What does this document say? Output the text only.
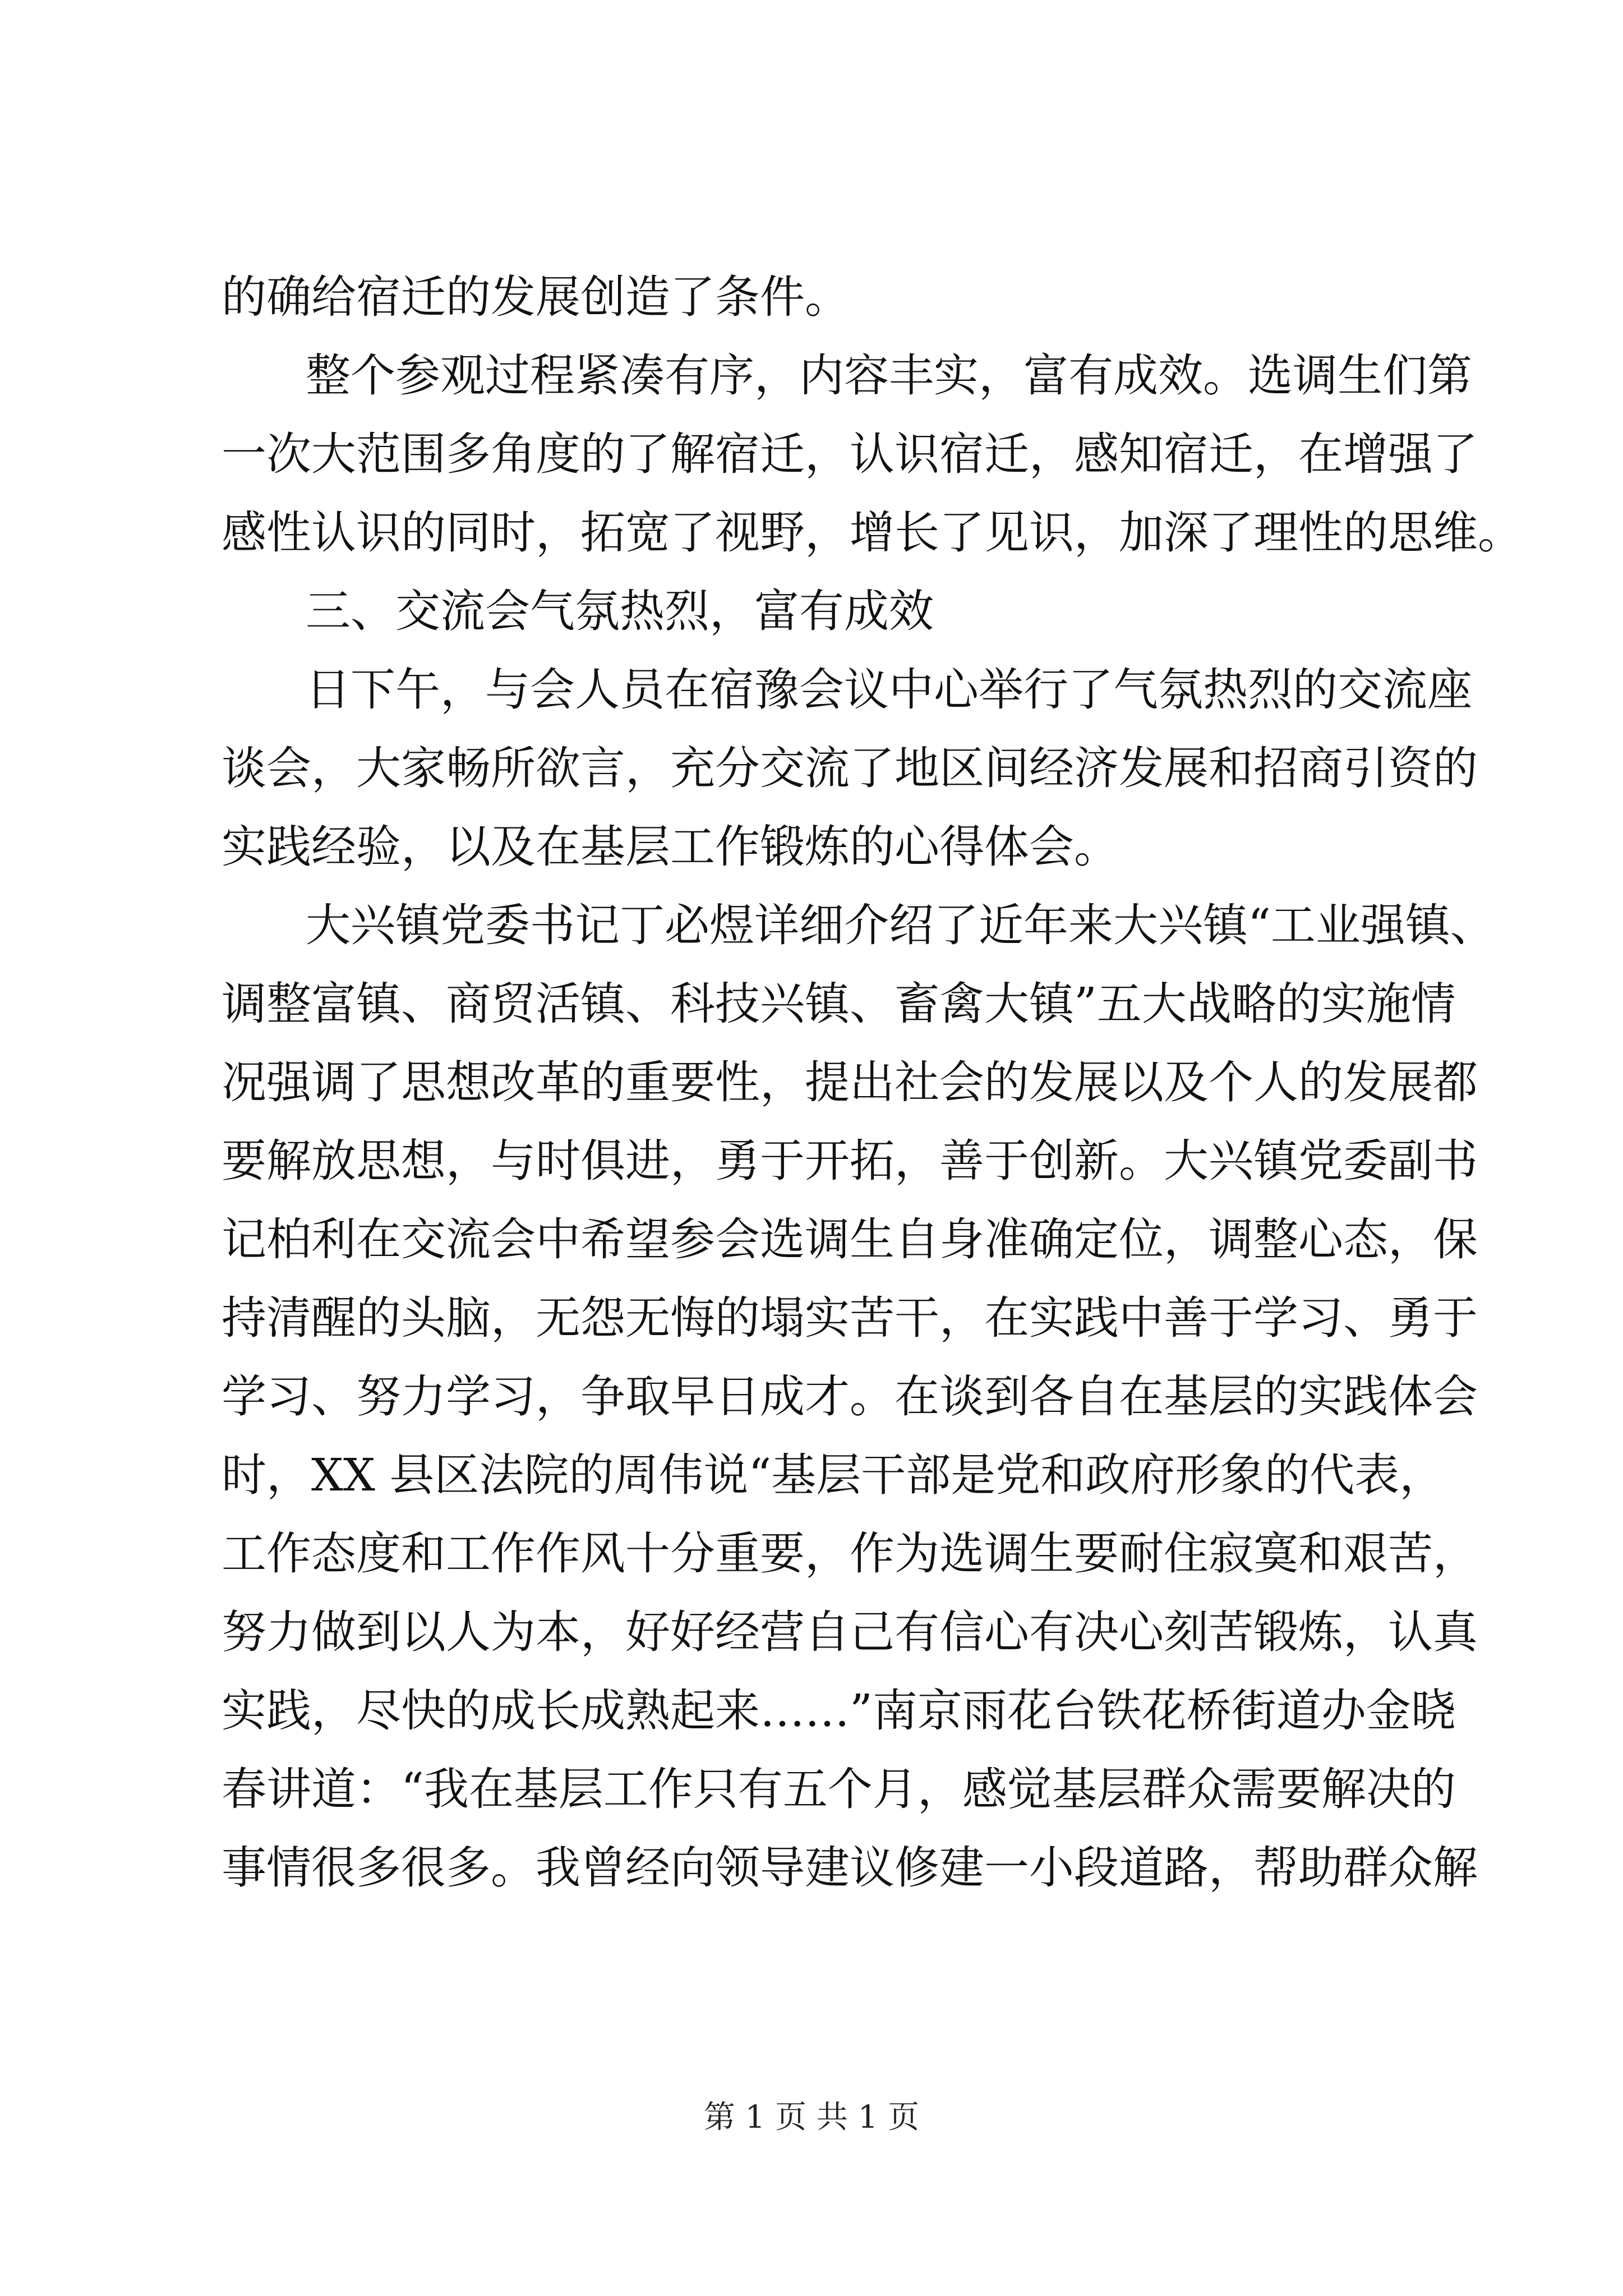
的确给宿迁的发展创造了条件。

整个参观过程紧凑有序，内容丰实，富有成效。选调生们第

一次大范围多角度的了解宿迁，认识宿迁，感知宿迁，在增强了

感性认识的同时，拓宽了视野，增长了见识，加深了理性的思维。

三、交流会气氛热烈，富有成效

日下午，与会人员在宿豫会议中心举行了气氛热烈的交流座

谈会，大家畅所欲言，充分交流了地区间经济发展和招商引资的

实践经验，以及在基层工作锻炼的心得体会。

大兴镇党委书记丁必煜详细介绍了近年来大兴镇“工业强镇、

调整富镇、商贸活镇、科技兴镇、畜禽大镇”五大战略的实施情

况强调了思想改革的重要性，提出社会的发展以及个人的发展都

要解放思想，与时俱进，勇于开拓，善于创新。大兴镇党委副书

记柏利在交流会中希望参会选调生自身准确定位，调整心态，保

持清醒的头脑，无怨无悔的塌实苦干，在实践中善于学习、勇于

学习、努力学习，争取早日成才。在谈到各自在基层的实践体会

时，XX 县区法院的周伟说“基层干部是党和政府形象的代表，

工作态度和工作作风十分重要，作为选调生要耐住寂寞和艰苦，

努力做到以人为本，好好经营自己有信心有决心刻苦锻炼，认真

实践，尽快的成长成熟起来……”南京雨花台铁花桥街道办金晓

春讲道：“我在基层工作只有五个月，感觉基层群众需要解决的

事情很多很多。我曾经向领导建议修建一小段道路，帮助群众解

第 1 页 共 1 页
